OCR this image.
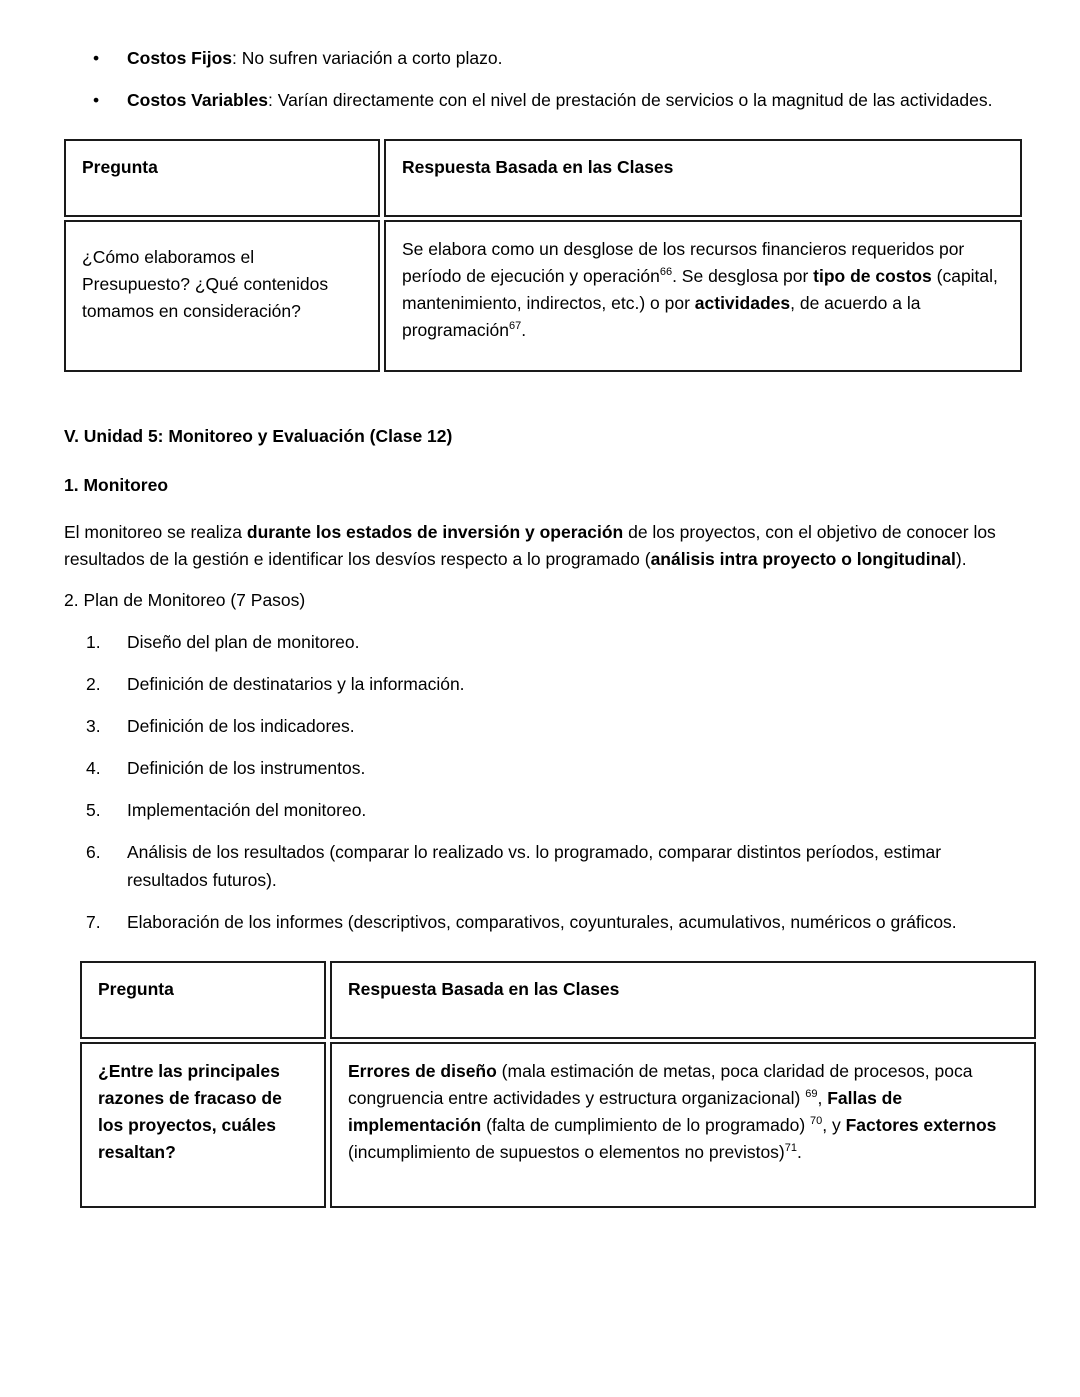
• Costos Fijos: No sufren variación a corto plazo.
• Costos Variables: Varían directamente con el nivel de prestación de servicios o la magnitud de las actividades.
Pregunta	Respuesta Basada en las Clases
¿Cómo elaboramos el Presupuesto? ¿Qué contenidos tomamos en consideración?	Se elabora como un desglose de los recursos financieros requeridos por período de ejecución y operación$^{66}$. Se desglosa por tipo de costos (capital, mantenimiento, indirectos, etc.) o por actividades, de acuerdo a la programación$^{67}$.
V. Unidad 5: Monitoreo y Evaluación (Clase 12)
1. Monitoreo

El monitoreo se realiza durante los estados de inversión y operación de los proyectos, con el objetivo de conocer los resultados de la gestión e identificar los desvíos respecto a lo programado (análisis intra proyecto o longitudinal).

2. Plan de Monitoreo (7 Pasos)

1.	Diseño del plan de monitoreo.
2.	Definición de destinatarios y la información.
3.	Definición de los indicadores.
4.	Definición de los instrumentos.
5.	Implementación del monitoreo.
6.	Análisis de los resultados (comparar lo realizado vs. lo programado, comparar distintos períodos, estimar resultados futuros).
7.	Elaboración de los informes (descriptivos, comparativos, coyunturales, acumulativos, numéricos o gráficos.
Pregunta	Respuesta Basada en las Clases
¿Entre las principales razones de fracaso de los proyectos, cuáles resaltan?	Errores de diseño (mala estimación de metas, poca claridad de procesos, poca congruencia entre actividades y estructura organizacional) $^{69}$, Fallas de implementación (falta de cumplimiento de lo programado) $^{70}$, y Factores externos (incumplimiento de supuestos o elementos no previstos)$^{71}$.
